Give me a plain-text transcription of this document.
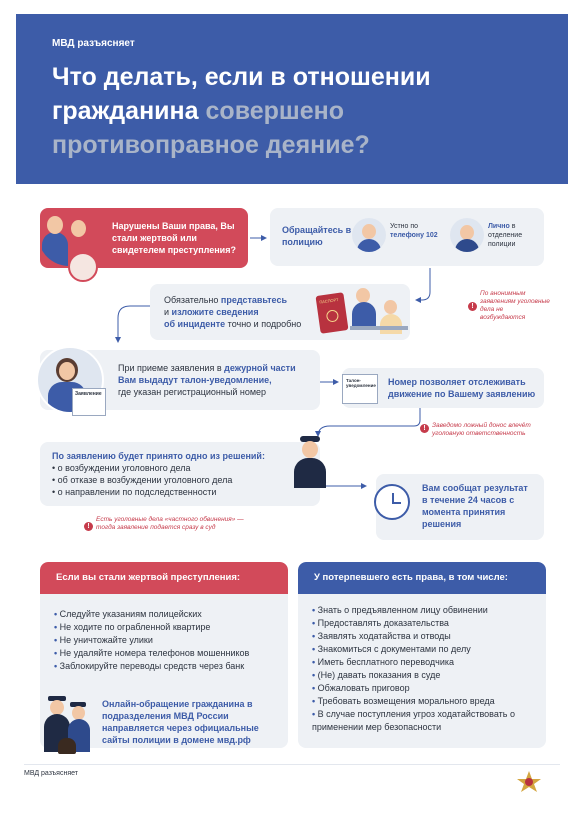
МВД разъясняет
Что делать, если в отношении гражданина совершено противоправное деяние?
Нарушены Ваши права, Вы стали жертвой или свидетелем преступления?
Обращайтесь в полицию
Устно по телефону 102
Лично в отделение полиции
!
По анонимным заявлениям уголовные дела не возбуждаются
Обязательно представьтесь
и изложите сведения
об инциденте точно и подробно
ПАСПОРТ
При приеме заявления в дежурной части
Вам выдадут талон-уведомление,
где указан регистрационный номер
Заявление
Номер позволяет отслеживать движение по Вашему заявлению
Талон-уведомление
! Заведомо ложный донос влечёт уголовную ответственность
По заявлению будет принято одно из решений:
• о возбуждении уголовного дела
• об отказе в возбуждении уголовного дела
• о направлении по подследственности
!
Есть уголовные дела «частного обвинения» — тогда заявление подается сразу в суд
Вам сообщат результат в течение 24 часов с момента принятия решения
Если вы стали жертвой преступления:
• Следуйте указаниям полицейских
• Не ходите по ограбленной квартире
• Не уничтожайте улики
• Не удаляйте номера телефонов мошенников
• Заблокируйте переводы средств через банк
Онлайн-обращение гражданина в подразделения МВД России направляется через официальные сайты полиции в домене мвд.рф
У потерпевшего есть права, в том числе:
• Знать о предъявленном лицу обвинении
• Предоставлять доказательства
• Заявлять ходатайства и отводы
• Знакомиться с документами по делу
• Иметь бесплатного переводчика
• (Не) давать показания в суде
• Обжаловать приговор
• Требовать возмещения морального вреда
• В случае поступления угроз ходатайствовать о применении мер безопасности
МВД разъясняет
